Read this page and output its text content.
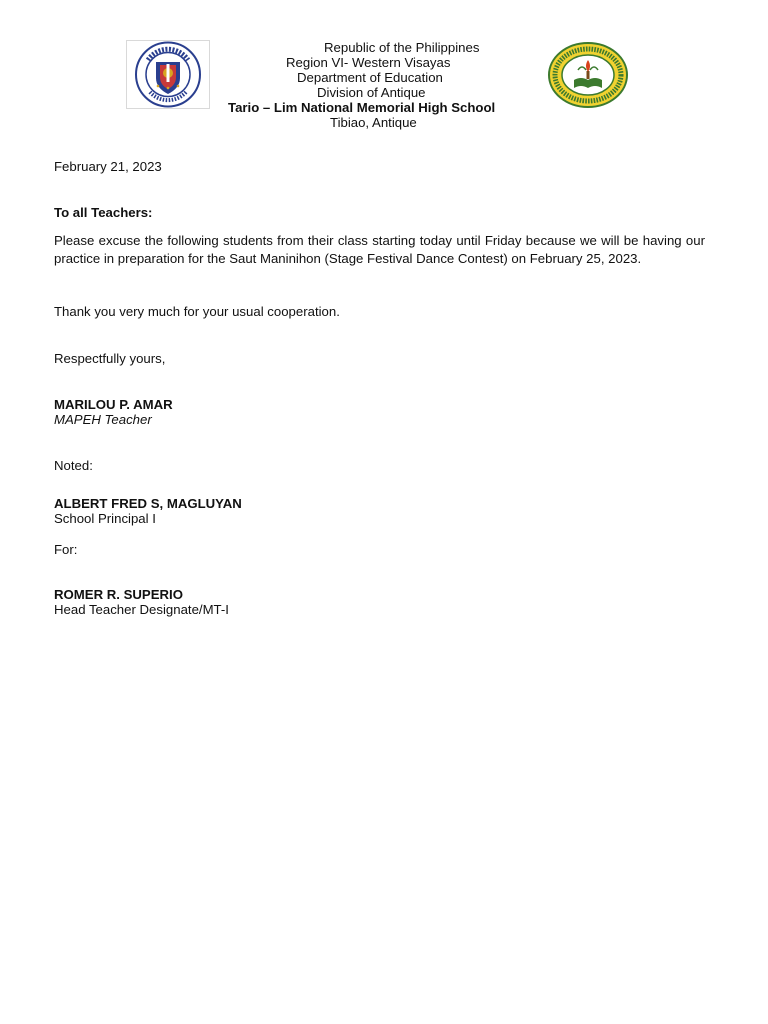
Republic of the Philippines
Region VI- Western Visayas
Department of Education
Division of Antique
Tario – Lim National Memorial High School
Tibiao, Antique
February 21, 2023
To all Teachers:
Please excuse the following students from their class starting today until Friday because we will be having our practice in preparation for the Saut Maninihon (Stage Festival Dance Contest) on February 25, 2023.
Thank you very much for your usual cooperation.
Respectfully yours,
MARILOU P. AMAR
MAPEH Teacher
Noted:
ALBERT FRED S, MAGLUYAN
School Principal I
For:
ROMER R. SUPERIO
Head Teacher Designate/MT-I
